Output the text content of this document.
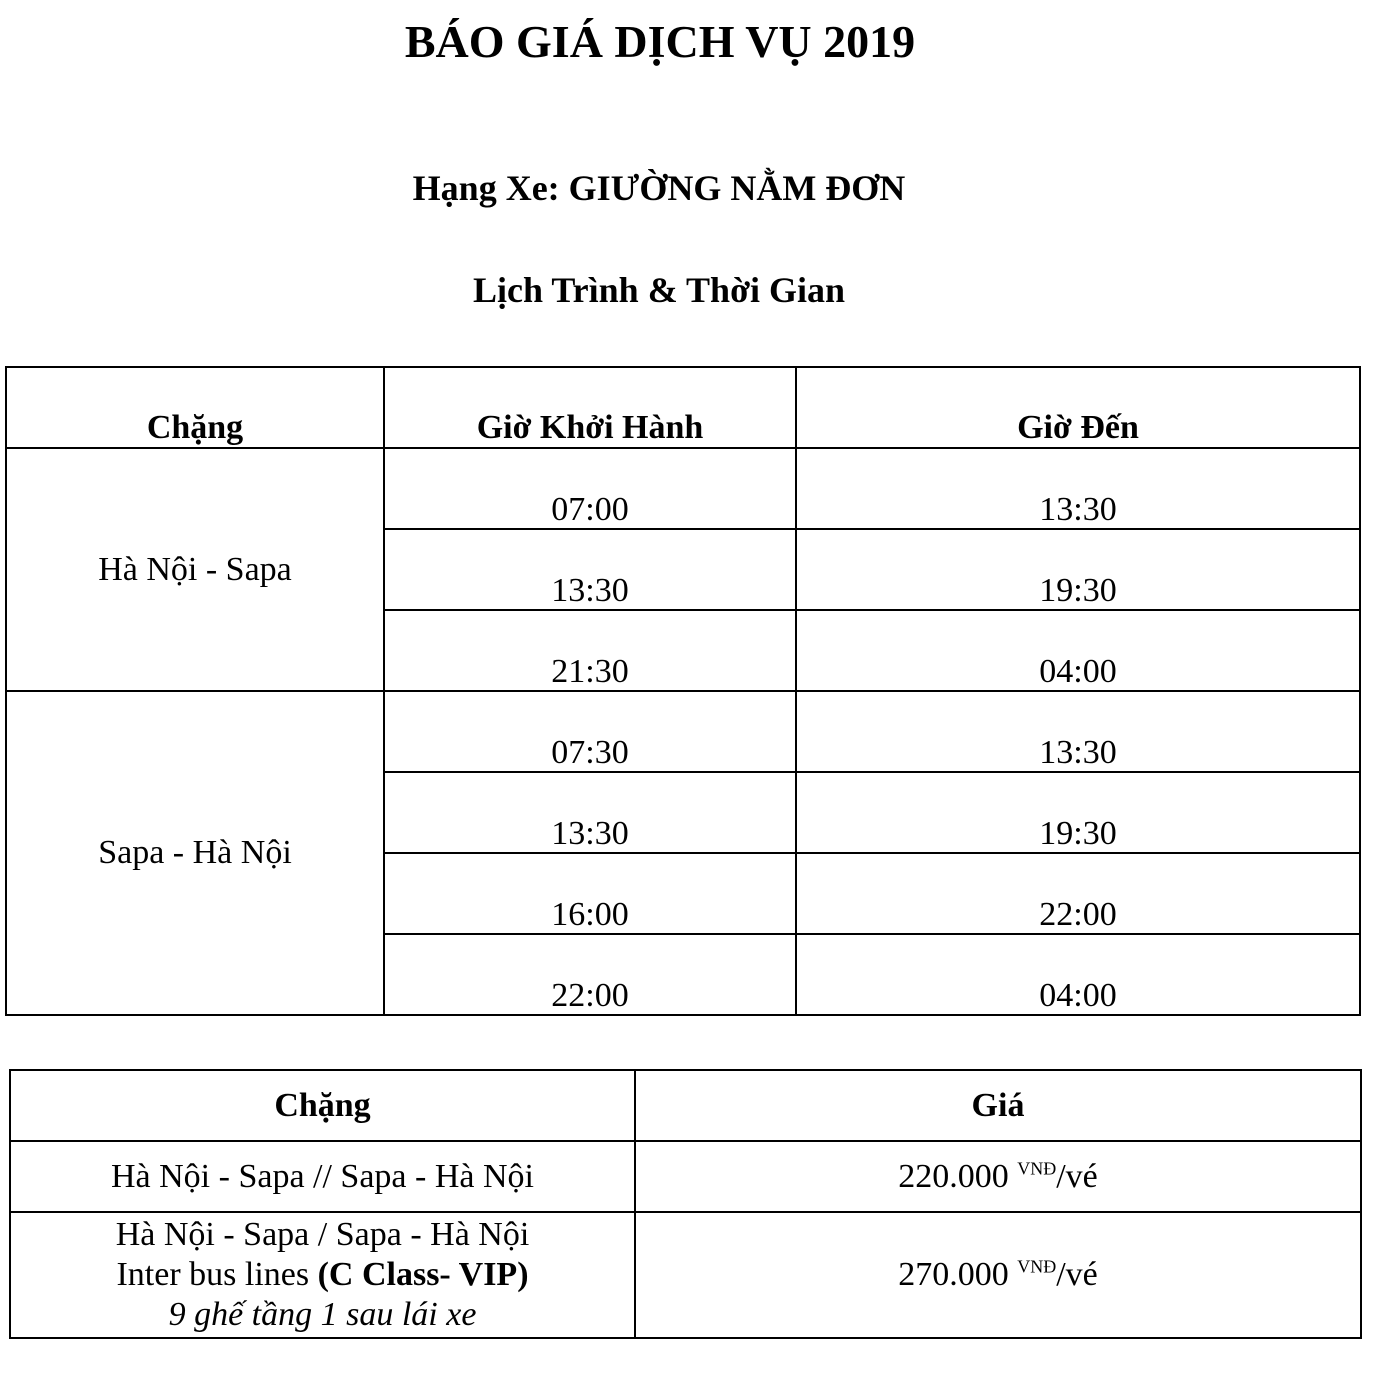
BÁO GIÁ DỊCH VỤ 2019
Hạng Xe: GIƯỜNG NẰM ĐƠN
Lịch Trình & Thời Gian
Chặng	Giờ Khởi Hành	Giờ Đến
Hà Nội - Sapa	07:00	13:30
	13:30	19:30
	21:30	04:00
Sapa - Hà Nội	07:30	13:30
	13:30	19:30
	16:00	22:00
	22:00	04:00
Chặng	Giá
Hà Nội - Sapa // Sapa - Hà Nội	220.000 $^{VNĐ}$/vé

Hà Nội - Sapa / Sapa - Hà Nội
Inter bus lines (C Class- VIP)
9 ghế tầng 1 sau lái xe	270.000 $^{VNĐ}$/vé
